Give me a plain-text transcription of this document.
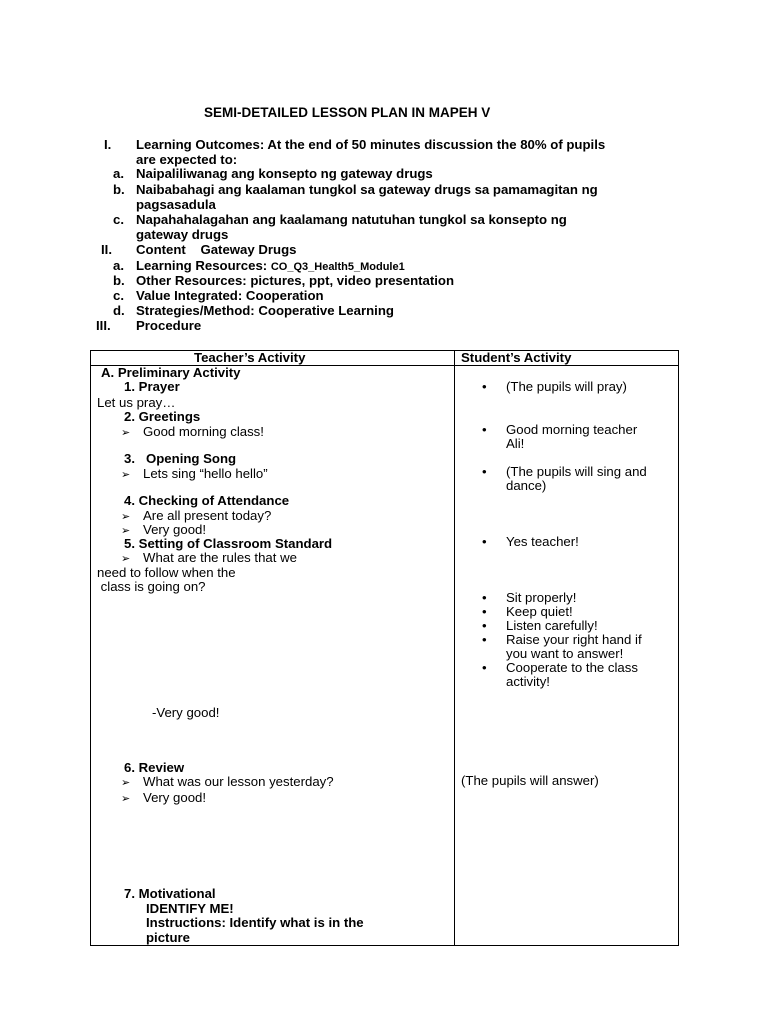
SEMI-DETAILED LESSON PLAN IN MAPEH V
I. Learning Outcomes: At the end of 50 minutes discussion the 80% of pupils
are expected to:
a. Naipaliliwanag ang konsepto ng gateway drugs
b. Naibabahagi ang kaalaman tungkol sa gateway drugs sa pamamagitan ng
pagsasadula
c. Napahahalagahan ang kaalamang natutuhan tungkol sa konsepto ng
gateway drugs
II. Content    Gateway Drugs
a. Learning Resources: CO_Q3_Health5_Module1
b. Other Resources: pictures, ppt, video presentation
c. Value Integrated: Cooperation
d. Strategies/Method: Cooperative Learning
III. Procedure
Teacher’s Activity	Student’s Activity
A. Preliminary Activity
1. Prayer
Let us pray…
2. Greetings
➢
Good morning class!
3.   Opening Song
➢
Lets sing “hello hello”
4. Checking of Attendance
➢
Are all present today?
➢
Very good!
5. Setting of Classroom Standard
➢
What are the rules that we
need to follow when the
class is going on?
-Very good!
6. Review
➢
What was our lesson yesterday?
➢
Very good!
7. Motivational
IDENTIFY ME!
Instructions: Identify what is in the
picture
•
(The pupils will pray)
•
Good morning teacher
Ali!
•
(The pupils will sing and
dance)
•
Yes teacher!
•
Sit properly!
•
Keep quiet!
•
Listen carefully!
•
Raise your right hand if
you want to answer!
•
Cooperate to the class
activity!
(The pupils will answer)
